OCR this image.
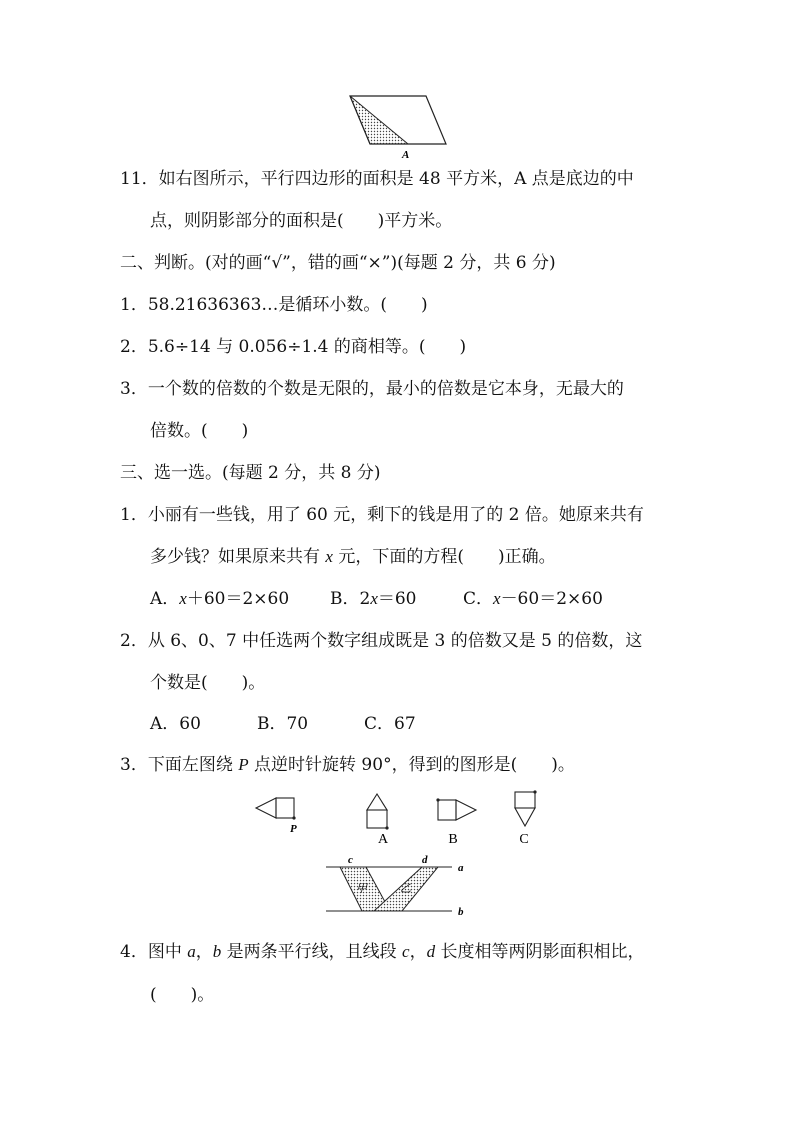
A
11．如右图所示，平行四边形的面积是 48 平方米，A 点是底边的中
点，则阴影部分的面积是(　　)平方米。
二、判断。(对的画“√”，错的画“×”)(每题 2 分，共 6 分)
1．58.21636363…是循环小数。(　　)
2．5.6÷14 与 0.056÷1.4 的商相等。(　　)
3．一个数的倍数的个数是无限的，最小的倍数是它本身，无最大的
倍数。(　　)
三、选一选。(每题 2 分，共 8 分)
1．小丽有一些钱，用了 60 元，剩下的钱是用了的 2 倍。她原来共有
多少钱？如果原来共有 x 元，下面的方程(　　)正确。
A．x＋60＝2×60 B．2x＝60	C．x－60＝2×60
2．从 6、0、7 中任选两个数字组成既是 3 的倍数又是 5 的倍数，这
个数是(　　)。
A．60	B．70	C．67
3．下面左图绕 P 点逆时针旋转 90°，得到的图形是(　　)。
P
A	B	C
c	d
a
b
甲	乙
4．图中 a，b 是两条平行线，且线段 c，d 长度相等两阴影面积相比，
(　　)。
